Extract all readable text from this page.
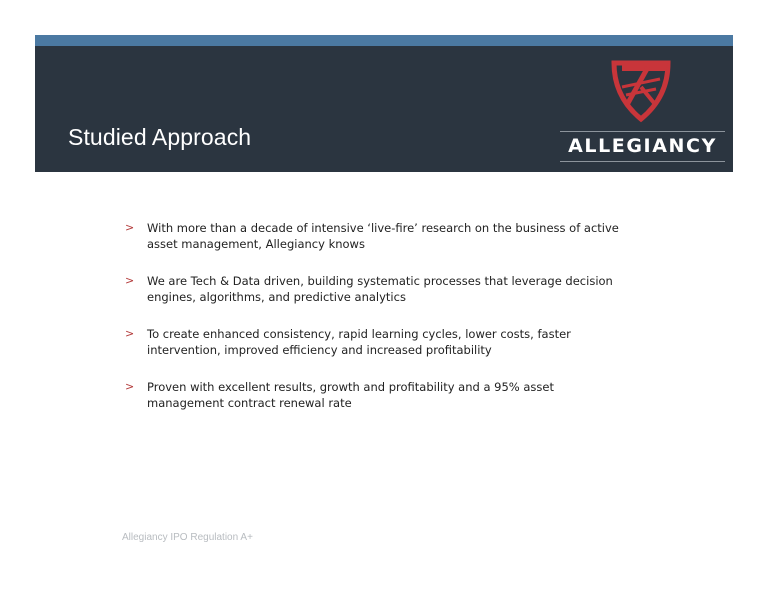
Studied Approach	ALLEGIANCY
> With more than a decade of intensive ‘live-fire’ research on the business of active asset management, Allegiancy knows
> We are Tech & Data driven, building systematic processes that leverage decision engines, algorithms, and predictive analytics
> To create enhanced consistency, rapid learning cycles, lower costs, faster intervention, improved efficiency and increased profitability
> Proven with excellent results, growth and profitability and a 95% asset management contract renewal rate
Allegiancy IPO Regulation A+
